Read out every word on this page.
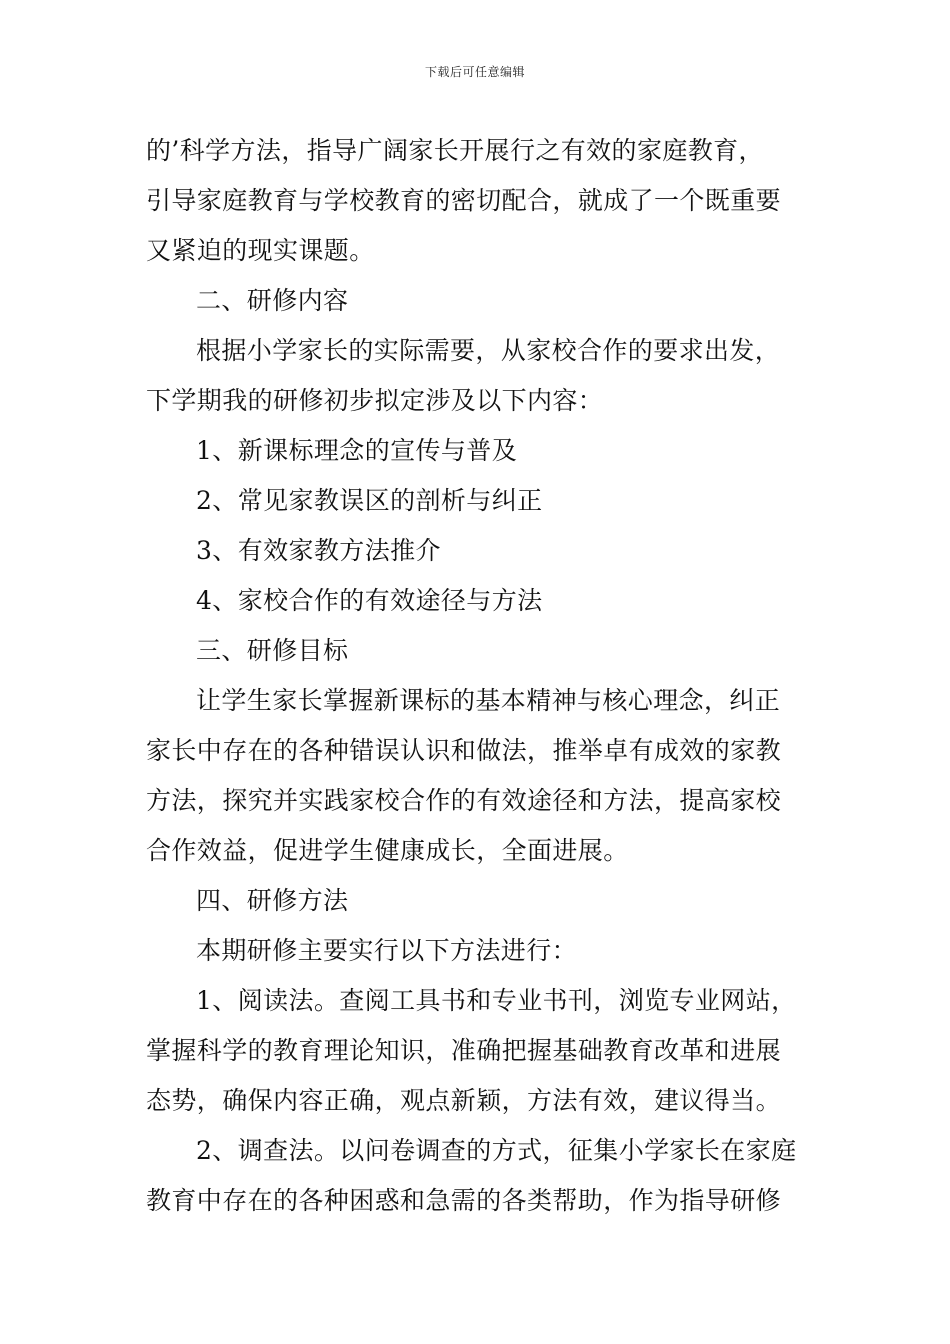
下载后可任意编辑
的’科学方法，指导广阔家长开展行之有效的家庭教育，
引导家庭教育与学校教育的密切配合，就成了一个既重要
又紧迫的现实课题。
二、研修内容
根据小学家长的实际需要，从家校合作的要求出发，
下学期我的研修初步拟定涉及以下内容：
1、新课标理念的宣传与普及
2、常见家教误区的剖析与纠正
3、有效家教方法推介
4、家校合作的有效途径与方法
三、研修目标
让学生家长掌握新课标的基本精神与核心理念，纠正
家长中存在的各种错误认识和做法，推举卓有成效的家教
方法，探究并实践家校合作的有效途径和方法，提高家校
合作效益，促进学生健康成长，全面进展。
四、研修方法
本期研修主要实行以下方法进行：
1、阅读法。查阅工具书和专业书刊，浏览专业网站，
掌握科学的教育理论知识，准确把握基础教育改革和进展
态势，确保内容正确，观点新颖，方法有效，建议得当。
2、调查法。以问卷调查的方式，征集小学家长在家庭
教育中存在的各种困惑和急需的各类帮助，作为指导研修
